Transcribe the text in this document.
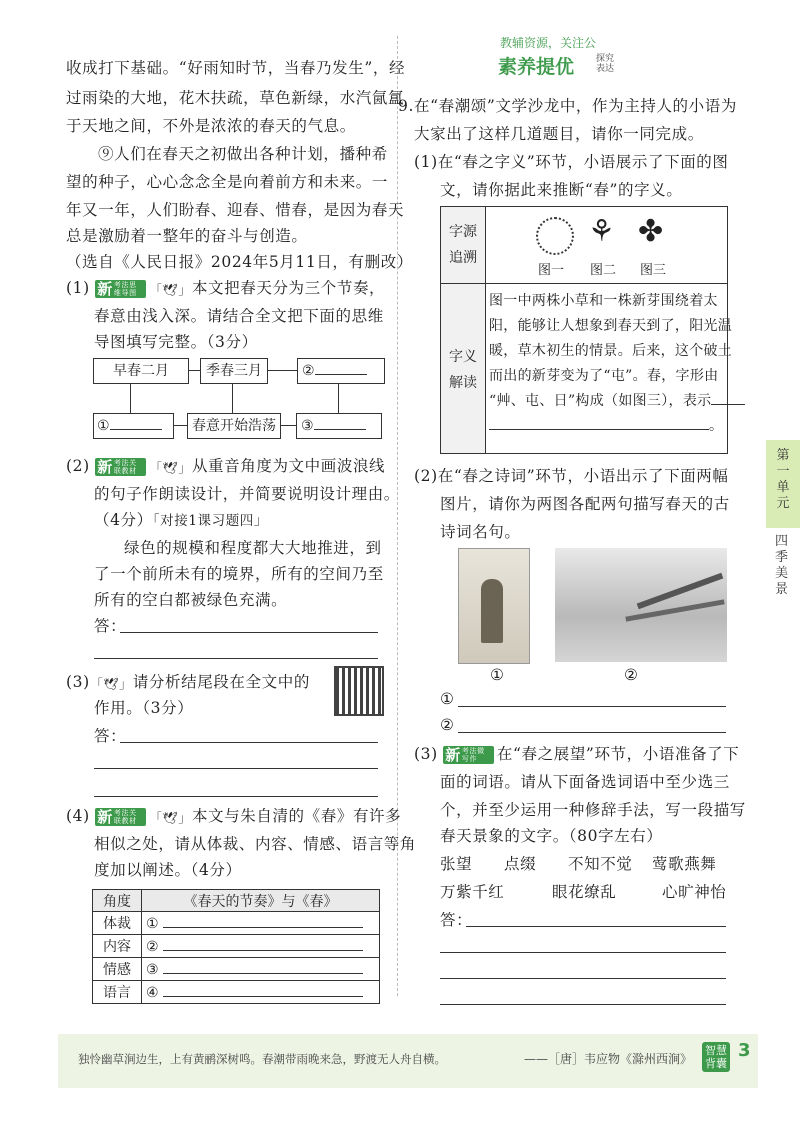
教辅资源，关注公
素养提优 探究表达
收成打下基础。“好雨知时节，当春乃发生”，经
过雨染的大地，花木扶疏，草色新绿，水汽氤氲
于天地之间，不外是浓浓的春天的气息。
⑨人们在春天之初做出各种计划，播种希
望的种子，心心念念全是向着前方和未来。一
年又一年，人们盼春、迎春、惜春，是因为春天
总是激励着一整年的奋斗与创造。
（选自《人民日报》2024年5月11日，有删改）
(1) 新考法思维导图 「🕊」本文把春天分为三个节奏，
春意由浅入深。请结合全文把下面的思维
导图填写完整。（3分）
早春二月	季春三月	②
①	春意开始浩荡	③
(2) 新考法关联教材 「🕊」从重音角度为文中画波浪线
的句子作朗读设计，并简要说明设计理由。
（4分）「对接1课习题四」
绿色的规模和程度都大大地推进，到
了一个前所未有的境界，所有的空间乃至
所有的空白都被绿色充满。
答：
(3)「🕊」请分析结尾段在全文中的
作用。（3分）
答：
(4) 新考法关联教材 「🕊」本文与朱自清的《春》有许多
相似之处，请从体裁、内容、情感、语言等角
度加以阐述。（4分）
角度	《春天的节奏》与《春》
体裁	①
内容	②
情感	③
语言	④
9.在“春潮颂”文学沙龙中，作为主持人的小语为
大家出了这样几道题目，请你一同完成。
(1)在“春之字义”环节，小语展示了下面的图
文，请你据此来推断“春”的字义。
字源
追溯
⚘ ✤
图一 图二 图三
字义
解读
图一中两株小草和一株新芽围绕着太
阳，能够让人想象到春天到了，阳光温
暖，草木初生的情景。后来，这个破土
而出的新芽变为了“屯”。春，字形由
“艸、屯、日”构成（如图三），表示
。
(2)在“春之诗词”环节，小语出示了下面两幅
图片，请你为两图各配两句描写春天的古
诗词名句。
①	②
①
②
(3) 新考法微写作 在“春之展望”环节，小语准备了下
面的词语。请从下面备选词语中至少选三
个，并至少运用一种修辞手法，写一段描写
春天景象的文字。（80字左右）
张望 点缀 不知不觉 莺歌燕舞
万紫千红	眼花缭乱	心旷神怡
答：
第一单元
四季美景
独怜幽草涧边生，上有黄鹂深树鸣。春潮带雨晚来急，野渡无人舟自横。	——［唐］韦应物《滁州西涧》
智慧背囊
3
